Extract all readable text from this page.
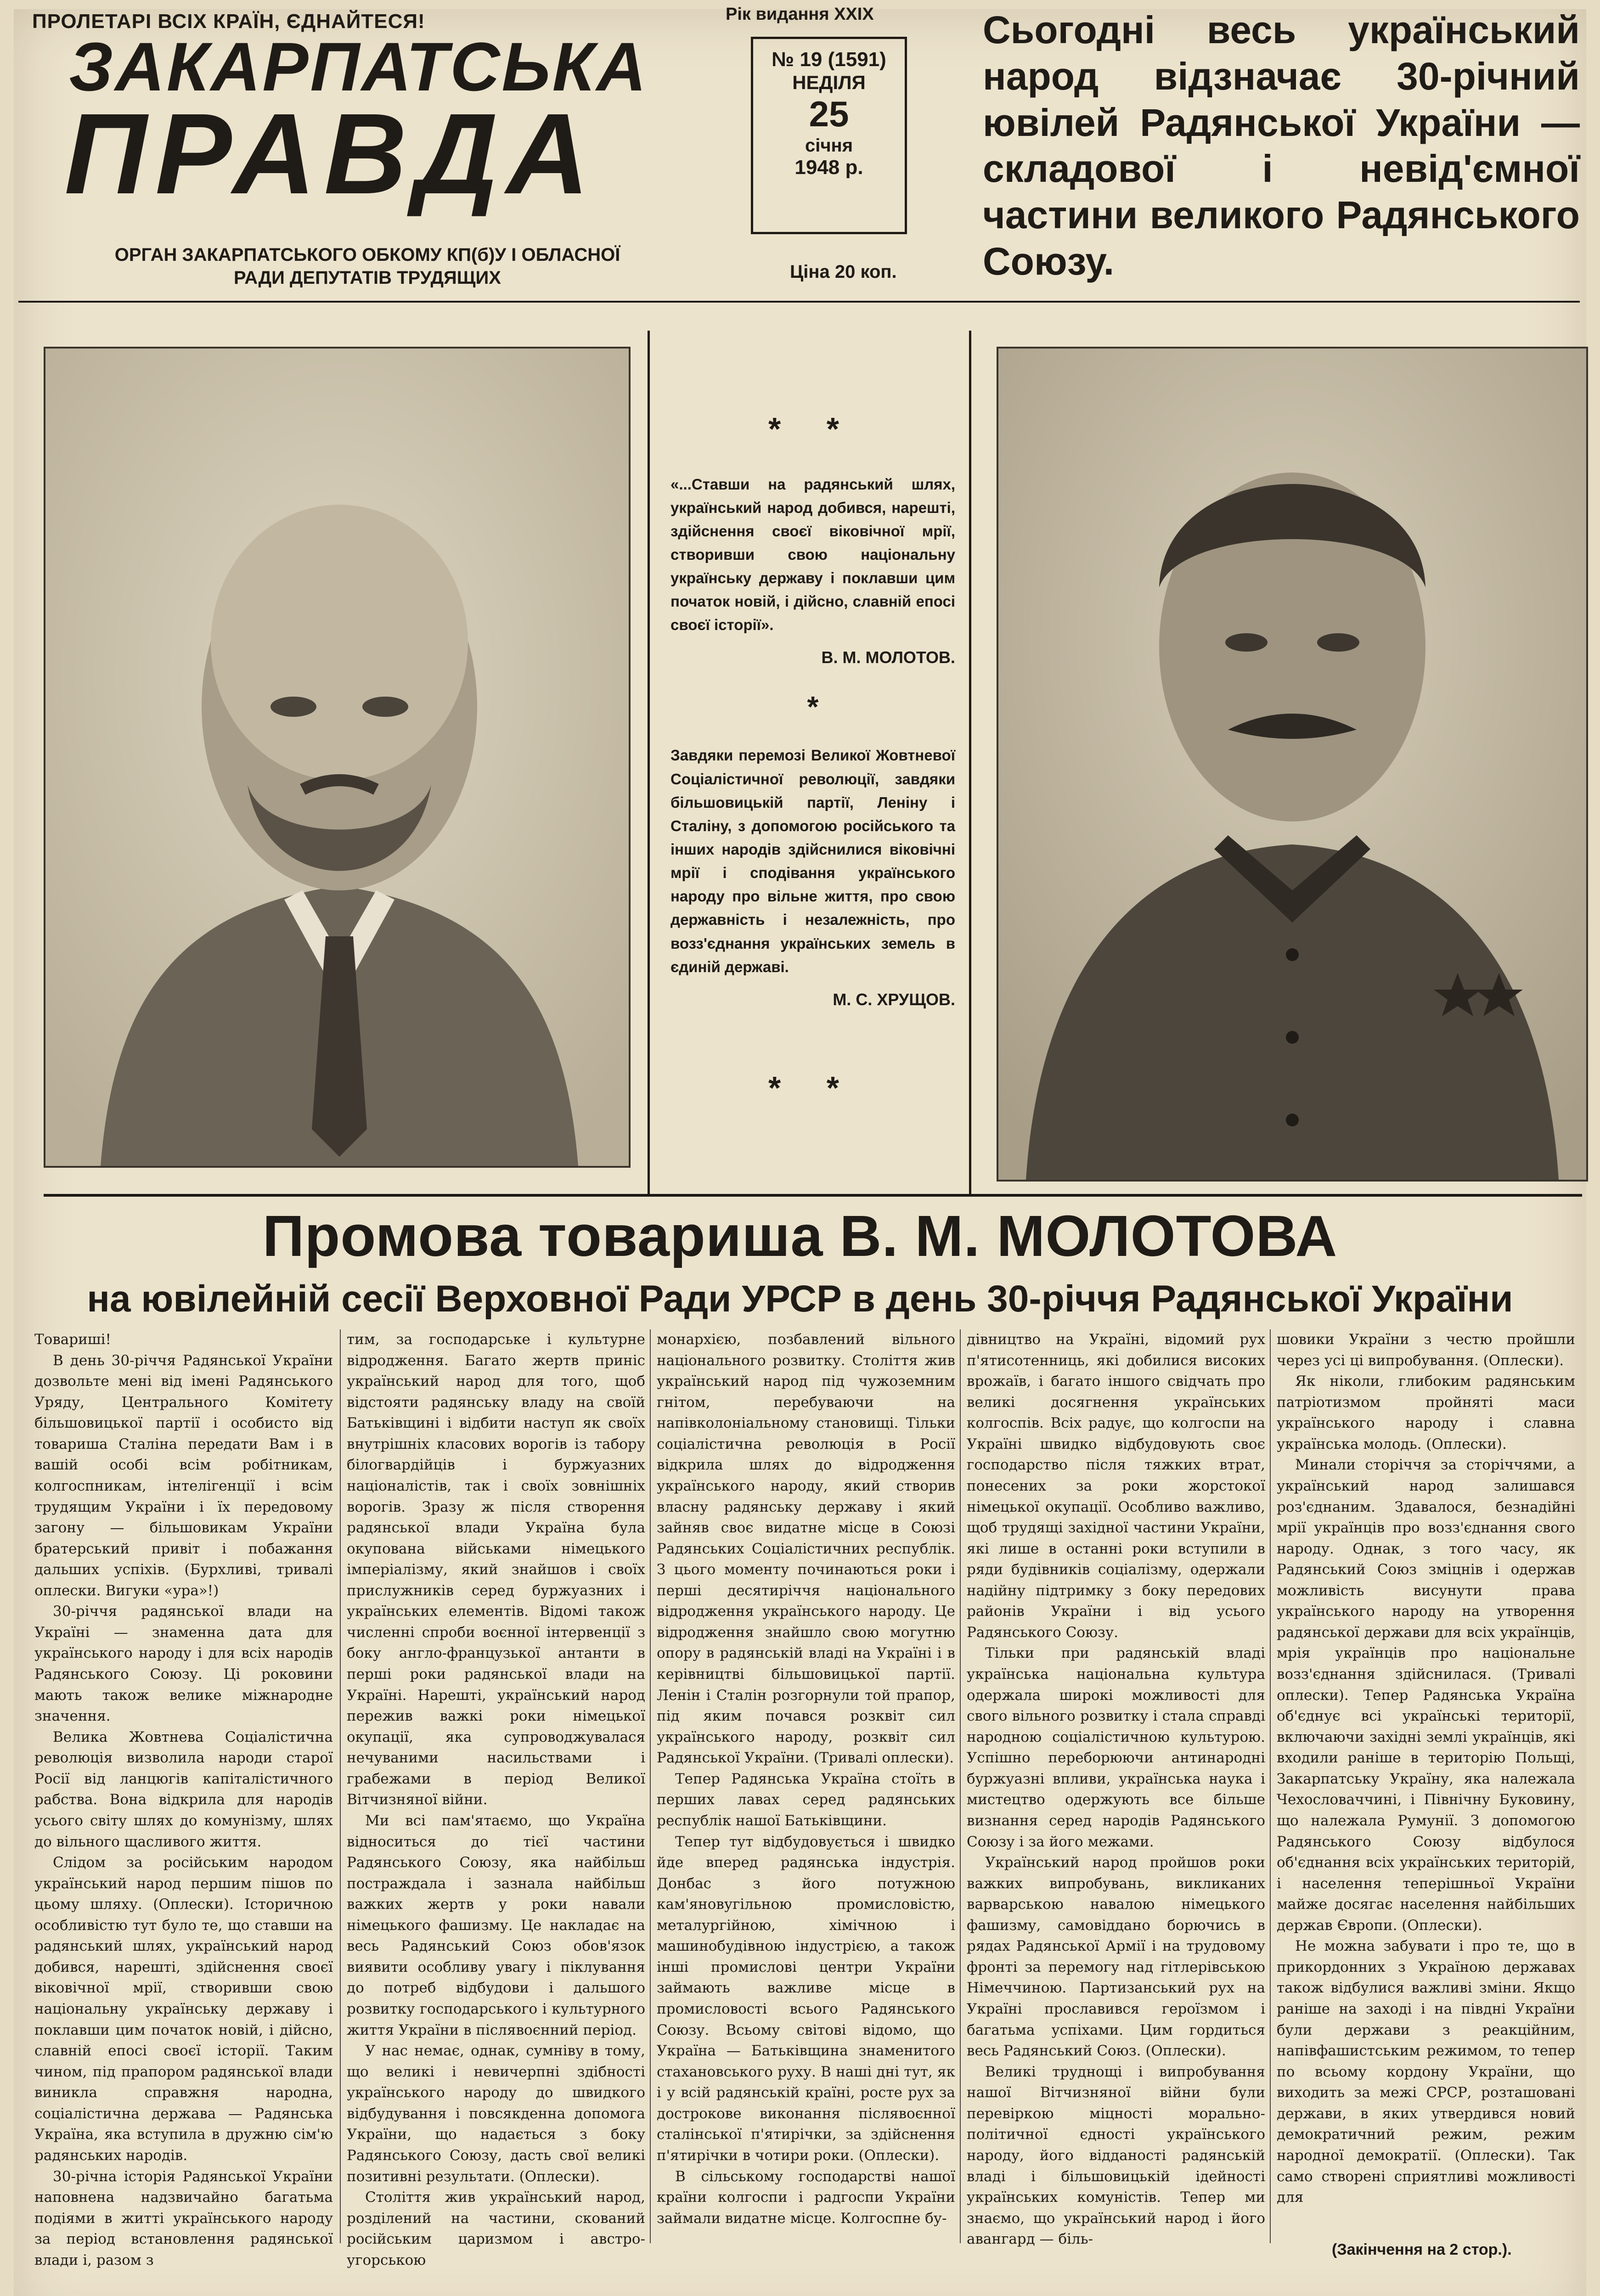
ПРОЛЕТАРІ ВСІХ КРАЇН, ЄДНАЙТЕСЯ!
ЗАКАРПАТСЬКА
ПРАВДА
ОРГАН ЗАКАРПАТСЬКОГО ОБКОМУ КП(б)У І ОБЛАСНОЇ РАДИ ДЕПУТАТІВ ТРУДЯЩИХ
Рік видання XXIX
№ 19 (1591)
НЕДІЛЯ
25
січня
1948 р.
Ціна 20 коп.
Сьогодні весь український народ відзначає 30-річний ювілей Радянської України — складової і невід'ємної частини великого Радянського Союзу.
* *
«...Ставши на радянський шлях, український народ добився, нарешті, здійснення своєї віковічної мрії, створивши свою національну українську державу і поклавши цим початок новій, і дійсно, славній епосі своєї історії».
В. М. МОЛОТОВ.
*
Завдяки перемозі Великої Жовтневої Соціалістичної революції, завдяки більшовицькій партії, Леніну і Сталіну, з допомогою російського та інших народів здійснилися віковічні мрії і сподівання українського народу про вільне життя, про свою державність і незалежність, про возз'єднання українських земель в єдиній державі.
М. С. ХРУЩОВ.
* *
Промова товариша В. М. МОЛОТОВА
на ювілейній сесії Верховної Ради УРСР в день 30-річчя Радянської України

Товариші!

В день 30-річчя Радянської України дозвольте мені від імені Радянського Уряду, Центрального Комітету більшовицької партії і особисто від товариша Сталіна передати Вам і в вашій особі всім робітникам, колгоспникам, інтелігенції і всім трудящим України і їх передовому загону — більшовикам України братерський привіт і побажання дальших успіхів. (Бурхливі, тривалі оплески. Вигуки «ура»!)

30-річчя радянської влади на Україні — знаменна дата для українського народу і для всіх народів Радянського Союзу. Ці роковини мають також велике міжнародне значення.

Велика Жовтнева Соціалістична революція визволила народи старої Росії від ланцюгів капіталістичного рабства. Вона відкрила для народів усього світу шлях до комунізму, шлях до вільного щасливого життя.

Слідом за російським народом український народ першим пішов по цьому шляху. (Оплески). Історичною особливістю тут було те, що ставши на радянський шлях, український народ добився, нарешті, здійснення своєї віковічної мрії, створивши свою національну українську державу і поклавши цим початок новій, і дійсно, славній епосі своєї історії. Таким чином, під прапором радянської влади виникла справжня народна, соціалістична держава — Радянська Україна, яка вступила в дружню сім'ю радянських народів.

30-річна історія Радянської України наповнена надзвичайно багатьма подіями в житті українського народу за період встановлення радянської влади і, разом з

тим, за господарське і культурне відродження. Багато жертв приніс український народ для того, щоб відстояти радянську владу на своїй Батьківщині і відбити наступ як своїх внутрішніх класових ворогів із табору білогвардійців і буржуазних націоналістів, так і своїх зовнішніх ворогів. Зразу ж після створення радянської влади Україна була окупована військами німецького імперіалізму, який знайшов і своїх прислужників серед буржуазних і українських елементів. Відомі також численні спроби воєнної інтервенції з боку англо-французької антанти в перші роки радянської влади на Україні. Нарешті, український народ пережив важкі роки німецької окупації, яка супроводжувалася нечуваними насильствами і грабежами в період Великої Вітчизняної війни.

Ми всі пам'ятаємо, що Україна відноситься до тієї частини Радянського Союзу, яка найбільш постраждала і зазнала найбільш важких жертв у роки навали німецького фашизму. Це накладає на весь Радянський Союз обов'язок виявити особливу увагу і піклування до потреб відбудови і дальшого розвитку господарського і культурного життя України в післявоєнний період.

У нас немає, однак, сумніву в тому, що великі і невичерпні здібності українського народу до швидкого відбудування і повсякденна допомога України, що надається з боку Радянського Союзу, дасть свої великі позитивні результати. (Оплески).

Століття жив український народ, розділений на частини, скований російським царизмом і австро-угорською

монархією, позбавлений вільного національного розвитку. Століття жив український народ під чужоземним гнітом, перебуваючи на напівколоніальному становищі. Тільки соціалістична революція в Росії відкрила шлях до відродження українського народу, який створив власну радянську державу і який зайняв своє видатне місце в Союзі Радянських Соціалістичних республік. З цього моменту починаються роки і перші десятиріччя національного відродження українського народу. Це відродження знайшло свою могутню опору в радянській владі на Україні і в керівництві більшовицької партії. Ленін і Сталін розгорнули той прапор, під яким почався розквіт сил українського народу, розквіт сил Радянської України. (Тривалі оплески).

Тепер Радянська Україна стоїть в перших лавах серед радянських республік нашої Батьківщини.

Тепер тут відбудовується і швидко йде вперед радянська індустрія. Донбас з його потужною кам'яновугільною промисловістю, металургійною, хімічною і машинобудівною індустрією, а також інші промислові центри України займають важливе місце в промисловості всього Радянського Союзу. Всьому світові відомо, що Україна — Батьківщина знаменитого стахановського руху. В наші дні тут, як і у всій радянській країні, росте рух за дострокове виконання післявоєнної сталінської п'ятирічки, за здійснення п'ятирічки в чотири роки. (Оплески).

В сільському господарстві нашої країни колгоспи і радгоспи України займали видатне місце. Колгоспне бу-

дівництво на Україні, відомий рух п'ятисотенниць, які добилися високих врожаїв, і багато іншого свідчать про великі досягнення українських колгоспів. Всіх радує, що колгоспи на Україні швидко відбудовують своє господарство після тяжких втрат, понесених за роки жорстокої німецької окупації. Особливо важливо, щоб трудящі західної частини України, які лише в останні роки вступили в ряди будівників соціалізму, одержали надійну підтримку з боку передових районів України і від усього Радянського Союзу.

Тільки при радянській владі українська національна культура одержала широкі можливості для свого вільного розвитку і стала справді народною соціалістичною культурою. Успішно переборюючи антинародні буржуазні впливи, українська наука і мистецтво одержують все більше визнання серед народів Радянського Союзу і за його межами.

Український народ пройшов роки важких випробувань, викликаних варварською навалою німецького фашизму, самовіддано борючись в рядах Радянської Армії і на трудовому фронті за перемогу над гітлерівською Німеччиною. Партизанський рух на Україні прославився героїзмом і багатьма успіхами. Цим гордиться весь Радянський Союз. (Оплески).

Великі труднощі і випробування нашої Вітчизняної війни були перевіркою міцності морально-політичної єдності українського народу, його відданості радянській владі і більшовицькій ідейності українських комуністів. Тепер ми знаємо, що український народ і його авангард — біль-

шовики України з честю пройшли через усі ці випробування. (Оплески).

Як ніколи, глибоким радянським патріотизмом пройняті маси українського народу і славна українська молодь. (Оплески).

Минали сторіччя за сторіччями, а український народ залишався роз'єднаним. Здавалося, безнадійні мрії українців про возз'єднання свого народу. Однак, з того часу, як Радянський Союз зміцнів і одержав можливість висунути права українського народу на утворення радянської держави для всіх українців, мрія українців про національне возз'єднання здійснилася. (Тривалі оплески). Тепер Радянська Україна об'єднує всі українські території, включаючи західні землі українців, які входили раніше в територію Польщі, Закарпатську Україну, яка належала Чехословаччині, і Північну Буковину, що належала Румунії. З допомогою Радянського Союзу відбулося об'єднання всіх українських територій, і населення теперішньої України майже досягає населення найбільших держав Європи. (Оплески).

Не можна забувати і про те, що в прикордонних з Україною державах також відбулися важливі зміни. Якщо раніше на заході і на півдні України були держави з реакційним, напівфашистським режимом, то тепер по всьому кордону України, що виходить за межі СРСР, розташовані держави, в яких утвердився новий демократичний режим, режим народної демократії. (Оплески). Так само створені сприятливі можливості для

(Закінчення на 2 стор.).
